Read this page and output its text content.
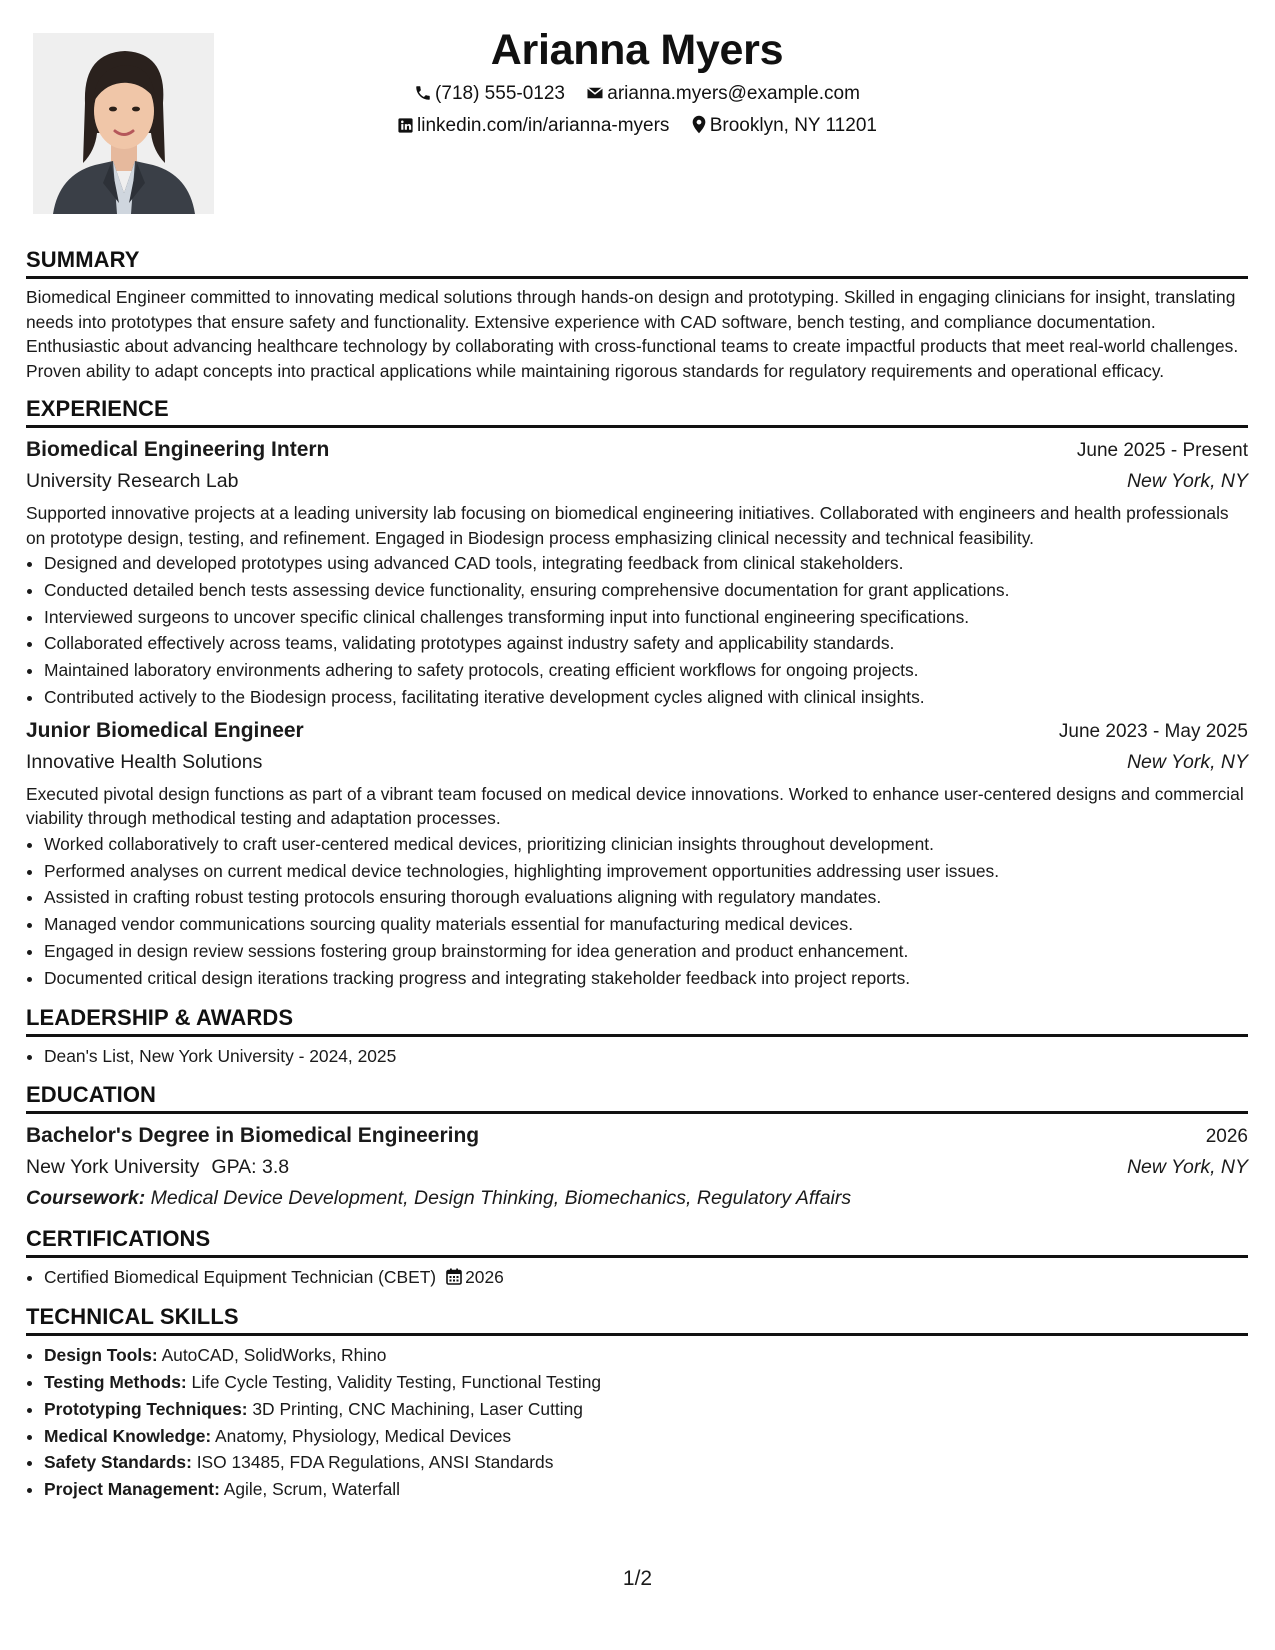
Arianna Myers
(718) 555-0123 arianna.myers@example.com
linkedin.com/in/arianna-myers Brooklyn, NY 11201
SUMMARY

Biomedical Engineer committed to innovating medical solutions through hands-on design and prototyping. Skilled in engaging clinicians for insight, translating needs into prototypes that ensure safety and functionality. Extensive experience with CAD software, bench testing, and compliance documentation. Enthusiastic about advancing healthcare technology by collaborating with cross-functional teams to create impactful products that meet real-world challenges. Proven ability to adapt concepts into practical applications while maintaining rigorous standards for regulatory requirements and operational efficacy.

EXPERIENCE
Biomedical Engineering Intern	June 2025 - Present
University Research Lab	New York, NY

Supported innovative projects at a leading university lab focusing on biomedical engineering initiatives. Collaborated with engineers and health professionals on prototype design, testing, and refinement. Engaged in Biodesign process emphasizing clinical necessity and technical feasibility.

• Designed and developed prototypes using advanced CAD tools, integrating feedback from clinical stakeholders.
• Conducted detailed bench tests assessing device functionality, ensuring comprehensive documentation for grant applications.
• Interviewed surgeons to uncover specific clinical challenges transforming input into functional engineering specifications.
• Collaborated effectively across teams, validating prototypes against industry safety and applicability standards.
• Maintained laboratory environments adhering to safety protocols, creating efficient workflows for ongoing projects.
• Contributed actively to the Biodesign process, facilitating iterative development cycles aligned with clinical insights.
Junior Biomedical Engineer	June 2023 - May 2025
Innovative Health Solutions	New York, NY

Executed pivotal design functions as part of a vibrant team focused on medical device innovations. Worked to enhance user-centered designs and commercial viability through methodical testing and adaptation processes.

• Worked collaboratively to craft user-centered medical devices, prioritizing clinician insights throughout development.
• Performed analyses on current medical device technologies, highlighting improvement opportunities addressing user issues.
• Assisted in crafting robust testing protocols ensuring thorough evaluations aligning with regulatory mandates.
• Managed vendor communications sourcing quality materials essential for manufacturing medical devices.
• Engaged in design review sessions fostering group brainstorming for idea generation and product enhancement.
• Documented critical design iterations tracking progress and integrating stakeholder feedback into project reports.
LEADERSHIP & AWARDS
• Dean's List, New York University - 2024, 2025
EDUCATION
Bachelor's Degree in Biomedical Engineering	2026
New York University GPA: 3.8	New York, NY
Coursework: Medical Device Development, Design Thinking, Biomechanics, Regulatory Affairs
CERTIFICATIONS
• Certified Biomedical Equipment Technician (CBET) 2026
TECHNICAL SKILLS
• Design Tools: AutoCAD, SolidWorks, Rhino
• Testing Methods: Life Cycle Testing, Validity Testing, Functional Testing
• Prototyping Techniques: 3D Printing, CNC Machining, Laser Cutting
• Medical Knowledge: Anatomy, Physiology, Medical Devices
• Safety Standards: ISO 13485, FDA Regulations, ANSI Standards
• Project Management: Agile, Scrum, Waterfall
1/2
